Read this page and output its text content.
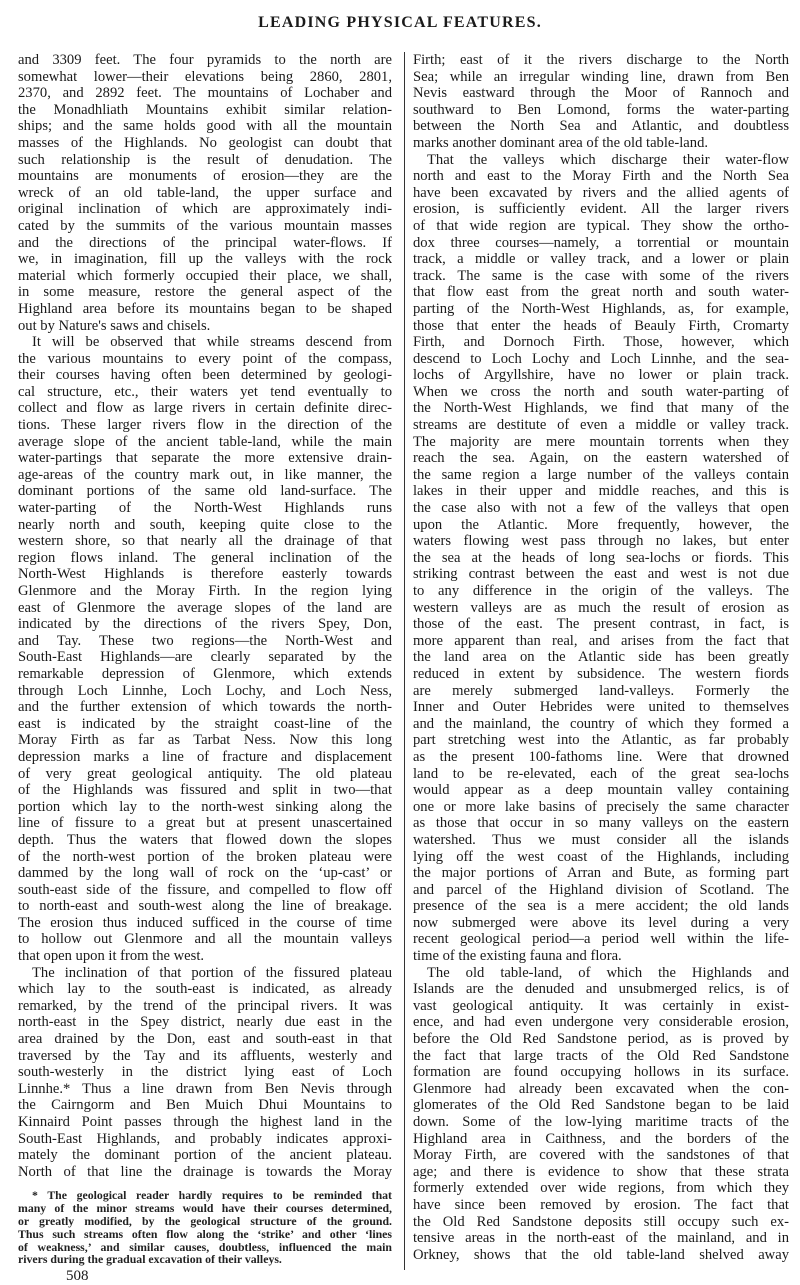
LEADING PHYSICAL FEATURES.
and 3309 feet. The four pyramids to the north are
somewhat lower—their elevations being 2860, 2801,
2370, and 2892 feet. The mountains of Lochaber and
the Monadhliath Mountains exhibit similar relation-
ships; and the same holds good with all the mountain
masses of the Highlands. No geologist can doubt that
such relationship is the result of denudation. The
mountains are monuments of erosion—they are the
wreck of an old table-land, the upper surface and
original inclination of which are approximately indi-
cated by the summits of the various mountain masses
and the directions of the principal water-flows. If
we, in imagination, fill up the valleys with the rock
material which formerly occupied their place, we shall,
in some measure, restore the general aspect of the
Highland area before its mountains began to be shaped
out by Nature's saws and chisels.
It will be observed that while streams descend from
the various mountains to every point of the compass,
their courses having often been determined by geologi-
cal structure, etc., their waters yet tend eventually to
collect and flow as large rivers in certain definite direc-
tions. These larger rivers flow in the direction of the
average slope of the ancient table-land, while the main
water-partings that separate the more extensive drain-
age-areas of the country mark out, in like manner, the
dominant portions of the same old land-surface. The
water-parting of the North-West Highlands runs
nearly north and south, keeping quite close to the
western shore, so that nearly all the drainage of that
region flows inland. The general inclination of the
North-West Highlands is therefore easterly towards
Glenmore and the Moray Firth. In the region lying
east of Glenmore the average slopes of the land are
indicated by the directions of the rivers Spey, Don,
and Tay. These two regions—the North-West and
South-East Highlands—are clearly separated by the
remarkable depression of Glenmore, which extends
through Loch Linnhe, Loch Lochy, and Loch Ness,
and the further extension of which towards the north-
east is indicated by the straight coast-line of the
Moray Firth as far as Tarbat Ness. Now this long
depression marks a line of fracture and displacement
of very great geological antiquity. The old plateau
of the Highlands was fissured and split in two—that
portion which lay to the north-west sinking along the
line of fissure to a great but at present unascertained
depth. Thus the waters that flowed down the slopes
of the north-west portion of the broken plateau were
dammed by the long wall of rock on the ‘up-cast’ or
south-east side of the fissure, and compelled to flow off
to north-east and south-west along the line of breakage.
The erosion thus induced sufficed in the course of time
to hollow out Glenmore and all the mountain valleys
that open upon it from the west.
The inclination of that portion of the fissured plateau
which lay to the south-east is indicated, as already
remarked, by the trend of the principal rivers. It was
north-east in the Spey district, nearly due east in the
area drained by the Don, east and south-east in that
traversed by the Tay and its affluents, westerly and
south-westerly in the district lying east of Loch
Linnhe.* Thus a line drawn from Ben Nevis through
the Cairngorm and Ben Muich Dhui Mountains to
Kinnaird Point passes through the highest land in the
South-East Highlands, and probably indicates approxi-
mately the dominant portion of the ancient plateau.
North of that line the drainage is towards the Moray
Firth; east of it the rivers discharge to the North
Sea; while an irregular winding line, drawn from Ben
Nevis eastward through the Moor of Rannoch and
southward to Ben Lomond, forms the water-parting
between the North Sea and Atlantic, and doubtless
marks another dominant area of the old table-land.
That the valleys which discharge their water-flow
north and east to the Moray Firth and the North Sea
have been excavated by rivers and the allied agents of
erosion, is sufficiently evident. All the larger rivers
of that wide region are typical. They show the ortho-
dox three courses—namely, a torrential or mountain
track, a middle or valley track, and a lower or plain
track. The same is the case with some of the rivers
that flow east from the great north and south water-
parting of the North-West Highlands, as, for example,
those that enter the heads of Beauly Firth, Cromarty
Firth, and Dornoch Firth. Those, however, which
descend to Loch Lochy and Loch Linnhe, and the sea-
lochs of Argyllshire, have no lower or plain track.
When we cross the north and south water-parting of
the North-West Highlands, we find that many of the
streams are destitute of even a middle or valley track.
The majority are mere mountain torrents when they
reach the sea. Again, on the eastern watershed of
the same region a large number of the valleys contain
lakes in their upper and middle reaches, and this is
the case also with not a few of the valleys that open
upon the Atlantic. More frequently, however, the
waters flowing west pass through no lakes, but enter
the sea at the heads of long sea-lochs or fiords. This
striking contrast between the east and west is not due
to any difference in the origin of the valleys. The
western valleys are as much the result of erosion as
those of the east. The present contrast, in fact, is
more apparent than real, and arises from the fact that
the land area on the Atlantic side has been greatly
reduced in extent by subsidence. The western fiords
are merely submerged land-valleys. Formerly the
Inner and Outer Hebrides were united to themselves
and the mainland, the country of which they formed a
part stretching west into the Atlantic, as far probably
as the present 100-fathoms line. Were that drowned
land to be re-elevated, each of the great sea-lochs
would appear as a deep mountain valley containing
one or more lake basins of precisely the same character
as those that occur in so many valleys on the eastern
watershed. Thus we must consider all the islands
lying off the west coast of the Highlands, including
the major portions of Arran and Bute, as forming part
and parcel of the Highland division of Scotland. The
presence of the sea is a mere accident; the old lands
now submerged were above its level during a very
recent geological period—a period well within the life-
time of the existing fauna and flora.
The old table-land, of which the Highlands and
Islands are the denuded and unsubmerged relics, is of
vast geological antiquity. It was certainly in exist-
ence, and had even undergone very considerable erosion,
before the Old Red Sandstone period, as is proved by
the fact that large tracts of the Old Red Sandstone
formation are found occupying hollows in its surface.
Glenmore had already been excavated when the con-
glomerates of the Old Red Sandstone began to be laid
down. Some of the low-lying maritime tracts of the
Highland area in Caithness, and the borders of the
Moray Firth, are covered with the sandstones of that
age; and there is evidence to show that these strata
formerly extended over wide regions, from which they
have since been removed by erosion. The fact that
the Old Red Sandstone deposits still occupy such ex-
tensive areas in the north-east of the mainland, and in
Orkney, shows that the old table-land shelved away
* The geological reader hardly requires to be reminded that
many of the minor streams would have their courses determined,
or greatly modified, by the geological structure of the ground.
Thus such streams often flow along the ‘strike’ and other ‘lines
of weakness,’ and similar causes, doubtless, influenced the main
rivers during the gradual excavation of their valleys.
508
